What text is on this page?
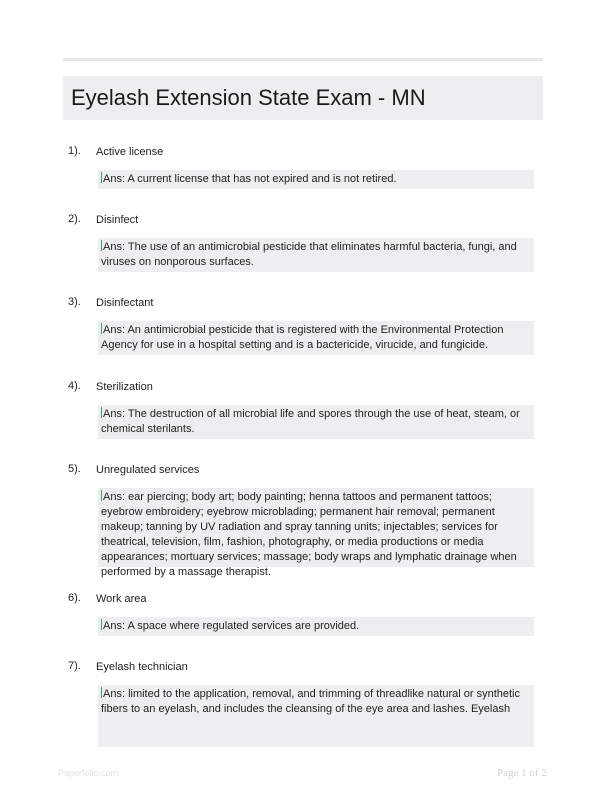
Eyelash Extension State Exam - MN
1). Active license
Ans: A current license that has not expired and is not retired.
2). Disinfect
Ans: The use of an antimicrobial pesticide that eliminates harmful bacteria, fungi, and viruses on nonporous surfaces.
3). Disinfectant
Ans: An antimicrobial pesticide that is registered with the Environmental Protection Agency for use in a hospital setting and is a bactericide, virucide, and fungicide.
4). Sterilization
Ans: The destruction of all microbial life and spores through the use of heat, steam, or chemical sterilants.
5). Unregulated services
Ans: ear piercing; body art; body painting; henna tattoos and permanent tattoos; eyebrow embroidery; eyebrow microblading; permanent hair removal; permanent makeup; tanning by UV radiation and spray tanning units; injectables; services for theatrical, television, film, fashion, photography, or media productions or media appearances; mortuary services; massage; body wraps and lymphatic drainage when performed by a massage therapist.
6). Work area
Ans: A space where regulated services are provided.
7). Eyelash technician
Ans: limited to the application, removal, and trimming of threadlike natural or synthetic fibers to an eyelash, and includes the cleansing of the eye area and lashes. Eyelash
Paperfolio.com	Page 1 of 2
